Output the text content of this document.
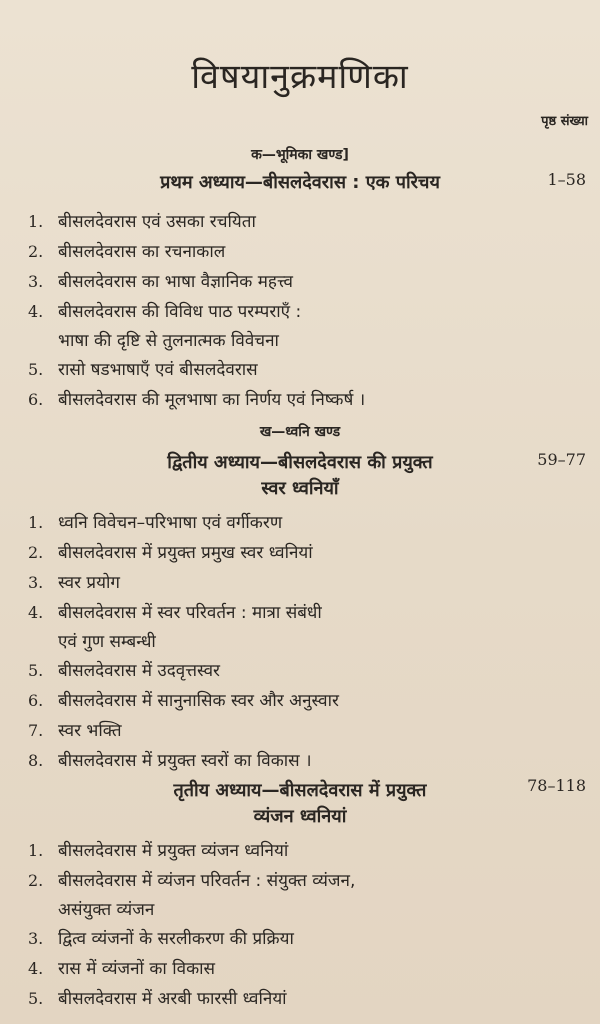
विषयानुक्रमणिका
पृष्ठ संख्या
क—भूमिका खण्ड]
प्रथम अध्याय—बीसलदेवरास : एक परिचय	1–58
1. बीसलदेवरास एवं उसका रचयिता
2. बीसलदेवरास का रचनाकाल
3. बीसलदेवरास का भाषा वैज्ञानिक महत्त्व
4. बीसलदेवरास की विविध पाठ परम्पराएँ :
भाषा की दृष्टि से तुलनात्मक विवेचना
5. रासो षडभाषाएँ एवं बीसलदेवरास
6. बीसलदेवरास की मूलभाषा का निर्णय एवं निष्कर्ष ।
ख—ध्वनि खण्ड
द्वितीय अध्याय—बीसलदेवरास की प्रयुक्त
स्वर ध्वनियाँ
59–77
1. ध्वनि विवेचन–परिभाषा एवं वर्गीकरण
2. बीसलदेवरास में प्रयुक्त प्रमुख स्वर ध्वनियां
3. स्वर प्रयोग
4. बीसलदेवरास में स्वर परिवर्तन : मात्रा संबंधी
एवं गुण सम्बन्धी
5. बीसलदेवरास में उदवृत्तस्वर
6. बीसलदेवरास में सानुनासिक स्वर और अनुस्वार
7. स्वर भक्ति
8. बीसलदेवरास में प्रयुक्त स्वरों का विकास ।
तृतीय अध्याय—बीसलदेवरास में प्रयुक्त
व्यंजन ध्वनियां
78–118
1. बीसलदेवरास में प्रयुक्त व्यंजन ध्वनियां
2. बीसलदेवरास में व्यंजन परिवर्तन : संयुक्त व्यंजन,
असंयुक्त व्यंजन
3. द्वित्व व्यंजनों के सरलीकरण की प्रक्रिया
4. रास में व्यंजनों का विकास
5. बीसलदेवरास में अरबी फारसी ध्वनियां
